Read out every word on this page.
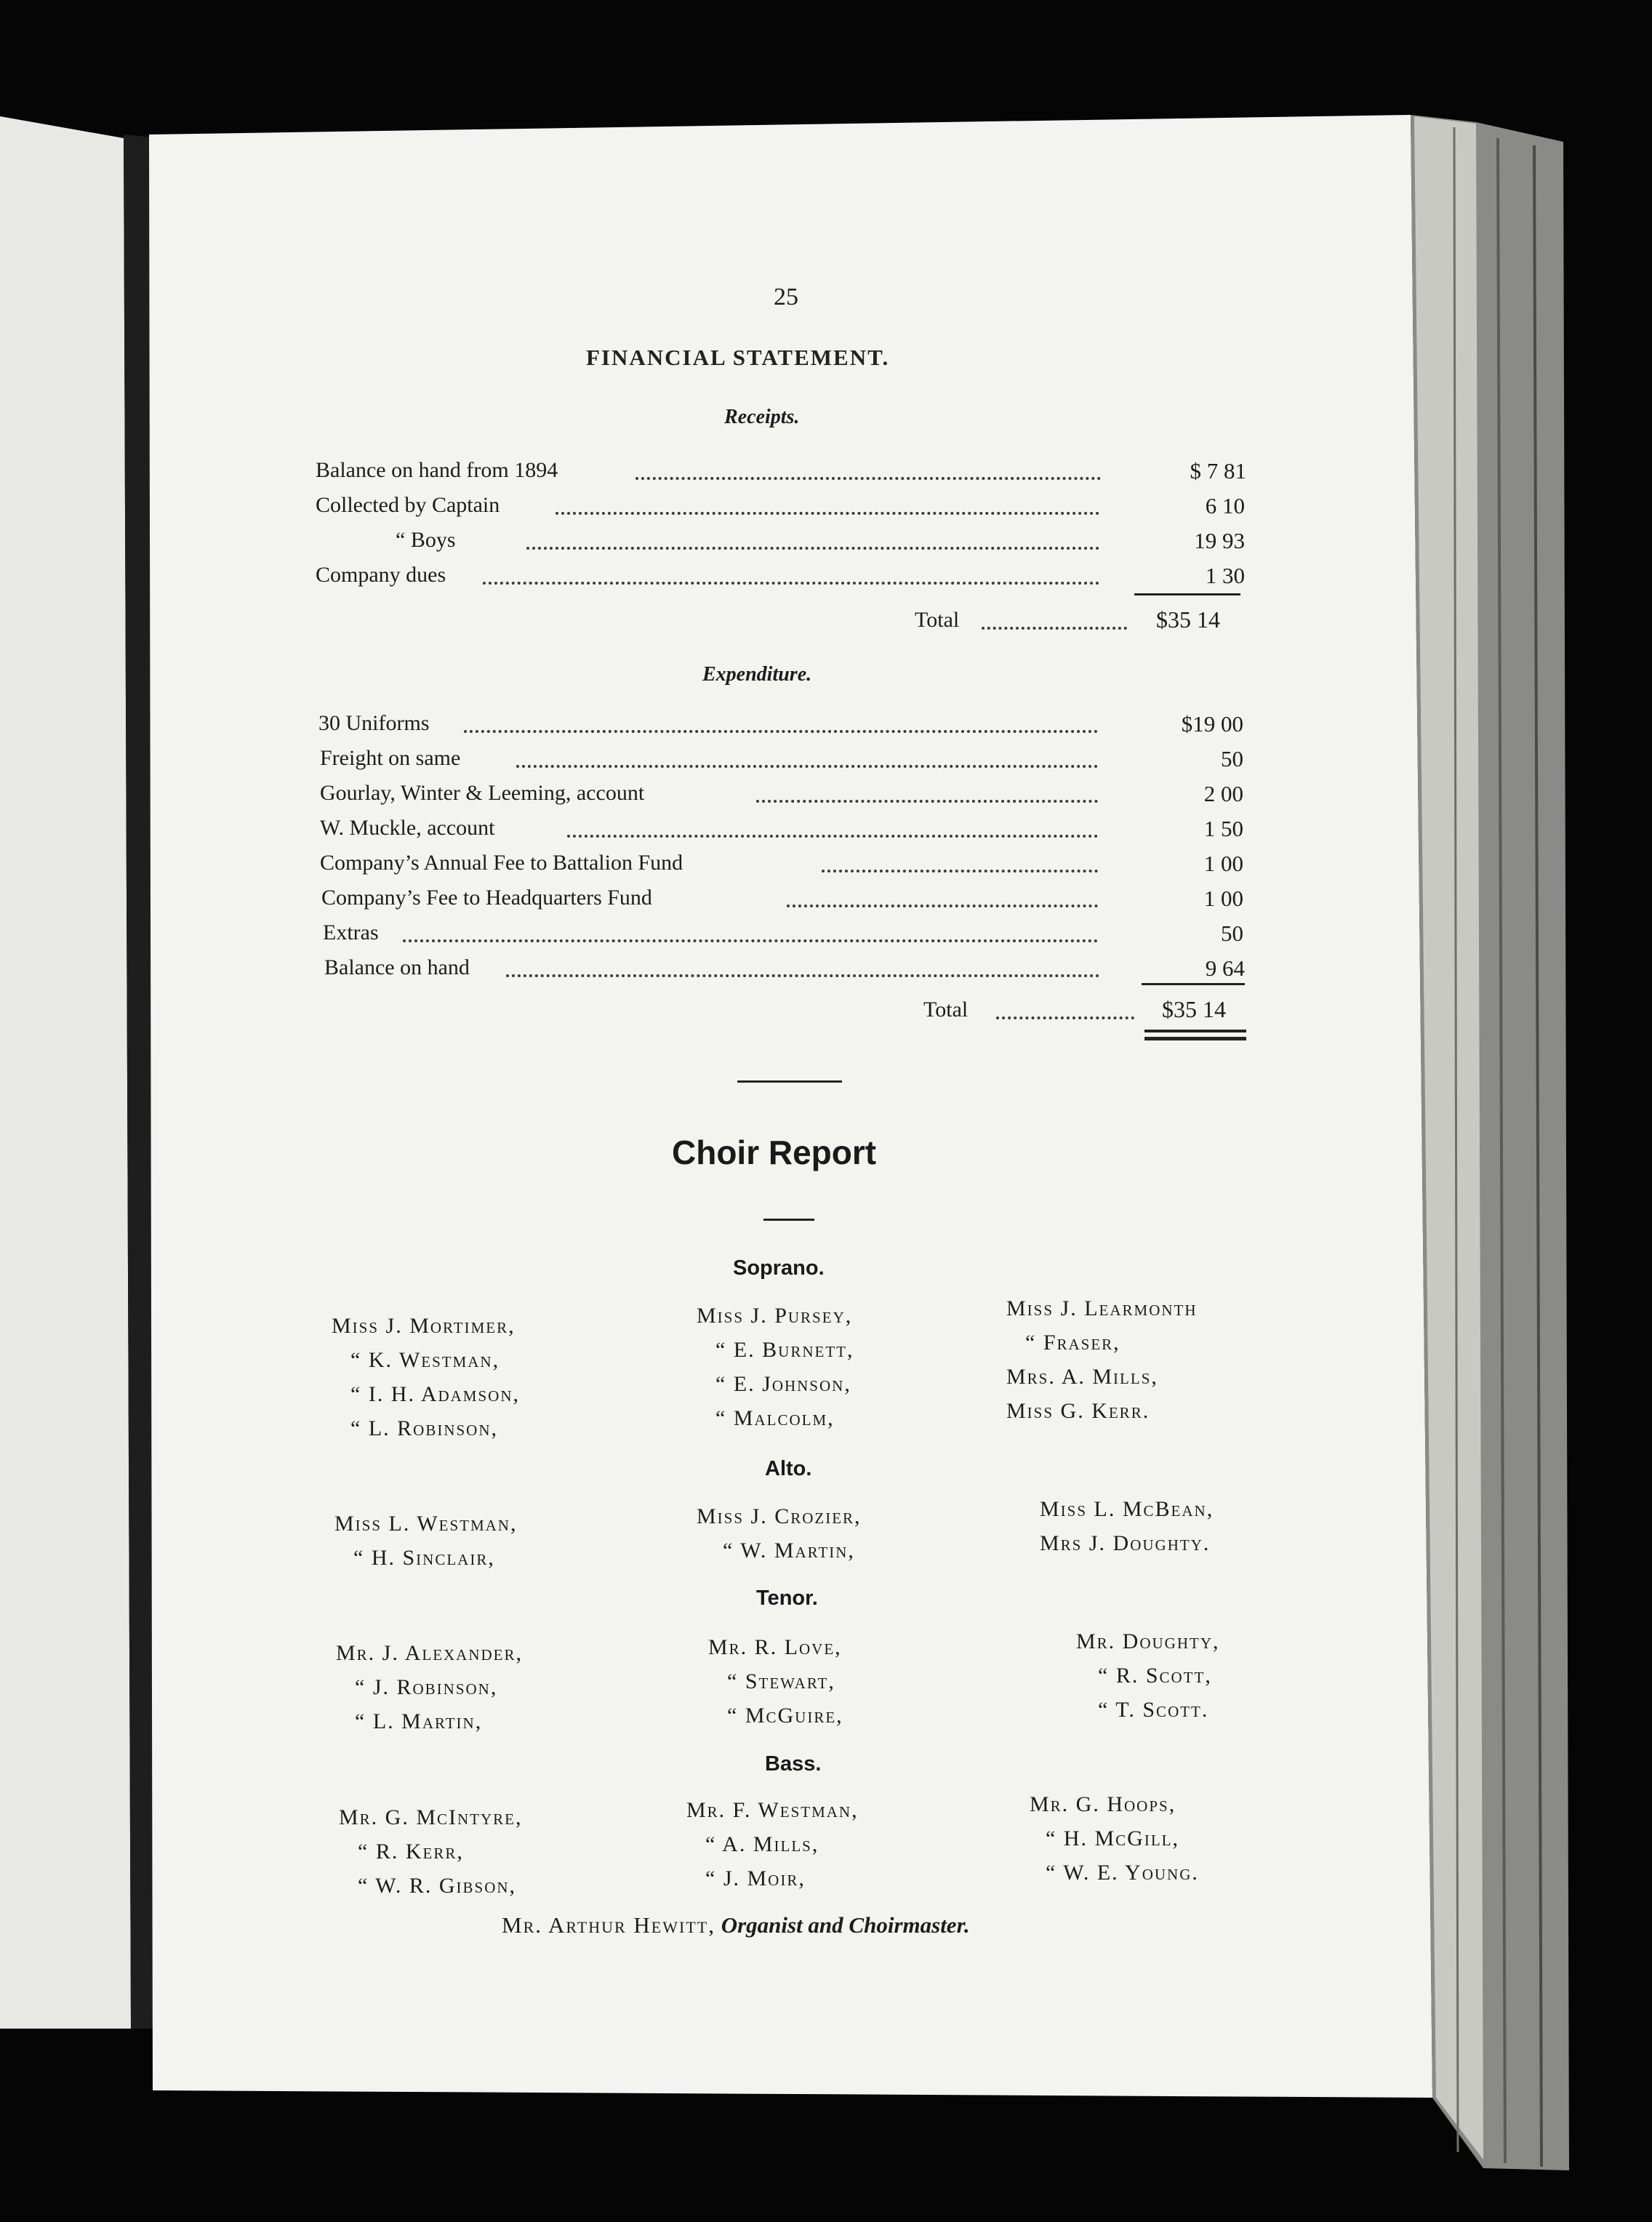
25
FINANCIAL STATEMENT.
Receipts.
Balance on hand from 1894	$ 7 81
Collected by Captain	6 10
“ Boys	19 93
Company dues	1 30
Total	$35 14
Expenditure.
30 Uniforms	$19 00
Freight on same	50
Gourlay, Winter & Leeming, account	2 00
W. Muckle, account	1 50
Company’s Annual Fee to Battalion Fund	1 00
Company’s Fee to Headquarters Fund	1 00
Extras	50
Balance on hand	9 64
Total	$35 14
Choir Report
Soprano.
Miss J. Mortimer,
“ K. Westman,
“ I. H. Adamson,
“ L. Robinson,
Miss J. Pursey,
“ E. Burnett,
“ E. Johnson,
“ Malcolm,
Miss J. Learmonth
“ Fraser,
Mrs. A. Mills,
Miss G. Kerr.
Alto.
Miss L. Westman,
“ H. Sinclair,
Miss J. Crozier,
“ W. Martin,
Miss L. McBean,
Mrs J. Doughty.
Tenor.
Mr. J. Alexander,
“ J. Robinson,
“ L. Martin,
Mr. R. Love,
“ Stewart,
“ McGuire,
Mr. Doughty,
“ R. Scott,
“ T. Scott.
Bass.
Mr. G. McIntyre,
“ R. Kerr,
“ W. R. Gibson,
Mr. F. Westman,
“ A. Mills,
“ J. Moir,
Mr. G. Hoops,
“ H. McGill,
“ W. E. Young.
Mr. Arthur Hewitt, Organist and Choirmaster.
